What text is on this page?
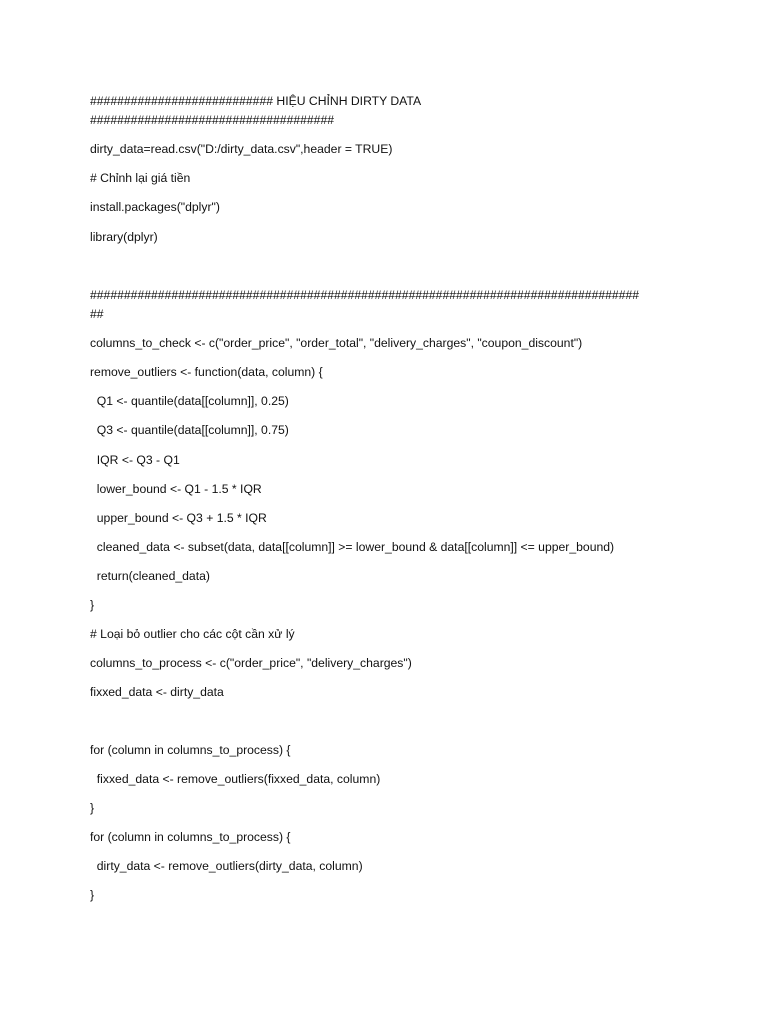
########################### HIỆU CHỈNH DIRTY DATA
####################################
dirty_data=read.csv("D:/dirty_data.csv",header = TRUE)
# Chỉnh lại giá tiền
install.packages("dplyr")
library(dplyr)
#################################################################################
##
columns_to_check <- c("order_price", "order_total", "delivery_charges", "coupon_discount")
remove_outliers <- function(data, column) {
Q1 <- quantile(data[[column]], 0.25)
Q3 <- quantile(data[[column]], 0.75)
IQR <- Q3 - Q1
lower_bound <- Q1 - 1.5 * IQR
upper_bound <- Q3 + 1.5 * IQR
cleaned_data <- subset(data, data[[column]] >= lower_bound & data[[column]] <= upper_bound)
return(cleaned_data)
}
# Loại bỏ outlier cho các cột cần xử lý
columns_to_process <- c("order_price", "delivery_charges")
fixxed_data <- dirty_data
for (column in columns_to_process) {
fixxed_data <- remove_outliers(fixxed_data, column)
}
for (column in columns_to_process) {
dirty_data <- remove_outliers(dirty_data, column)
}
